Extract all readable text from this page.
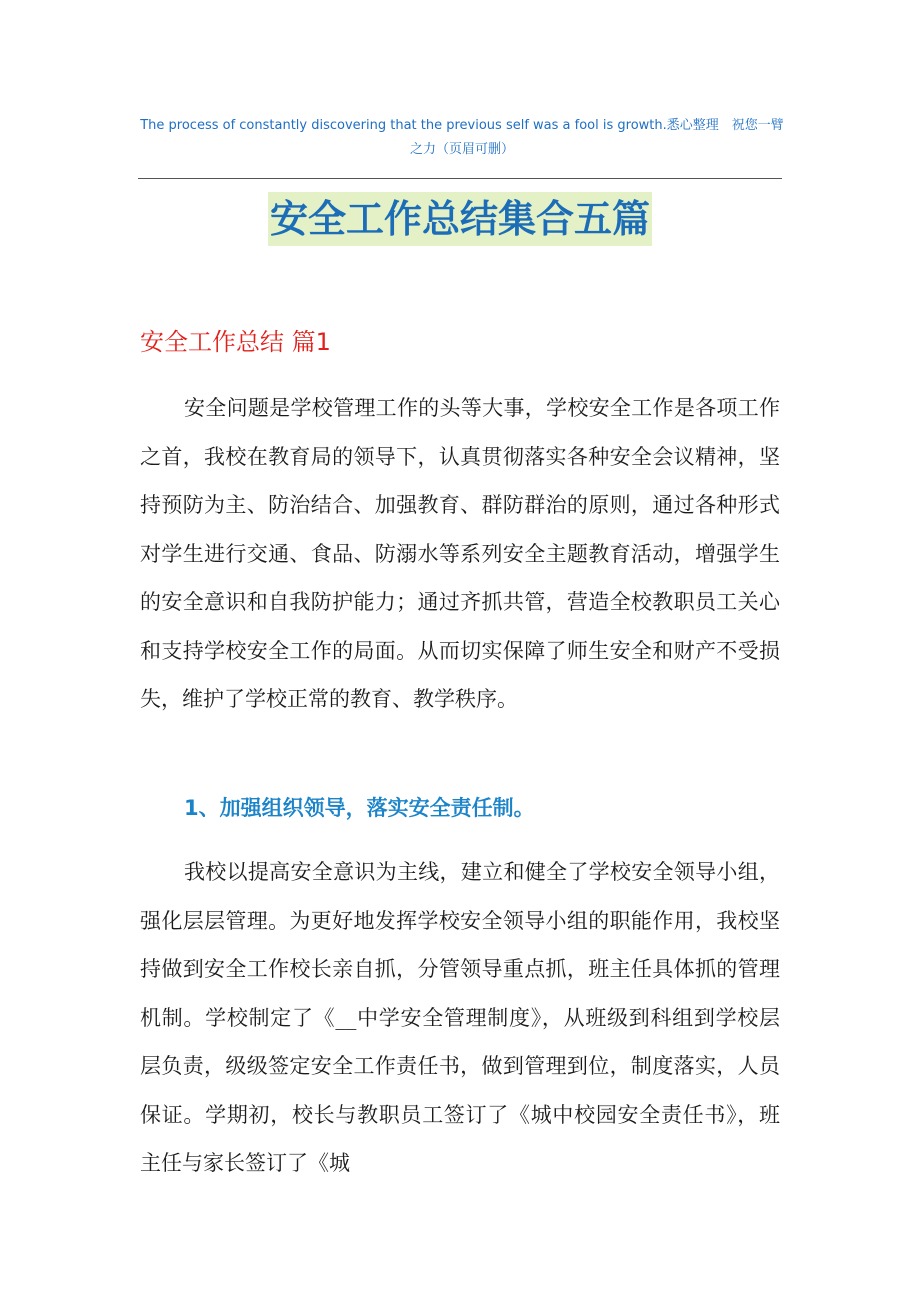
The process of constantly discovering that the previous self was a fool is growth.悉心整理　祝您一臂之力（页眉可删）
安全工作总结集合五篇
安全工作总结 篇1
安全问题是学校管理工作的头等大事，学校安全工作是各项工作之首，我校在教育局的领导下，认真贯彻落实各种安全会议精神，坚持预防为主、防治结合、加强教育、群防群治的原则，通过各种形式对学生进行交通、食品、防溺水等系列安全主题教育活动，增强学生的安全意识和自我防护能力；通过齐抓共管，营造全校教职员工关心和支持学校安全工作的局面。从而切实保障了师生安全和财产不受损失，维护了学校正常的教育、教学秩序。
1、加强组织领导，落实安全责任制。
我校以提高安全意识为主线，建立和健全了学校安全领导小组，强化层层管理。为更好地发挥学校安全领导小组的职能作用，我校坚持做到安全工作校长亲自抓，分管领导重点抓，班主任具体抓的管理机制。学校制定了《__中学安全管理制度》，从班级到科组到学校层层负责，级级签定安全工作责任书，做到管理到位，制度落实，人员保证。学期初，校长与教职员工签订了《城中校园安全责任书》，班主任与家长签订了《城
